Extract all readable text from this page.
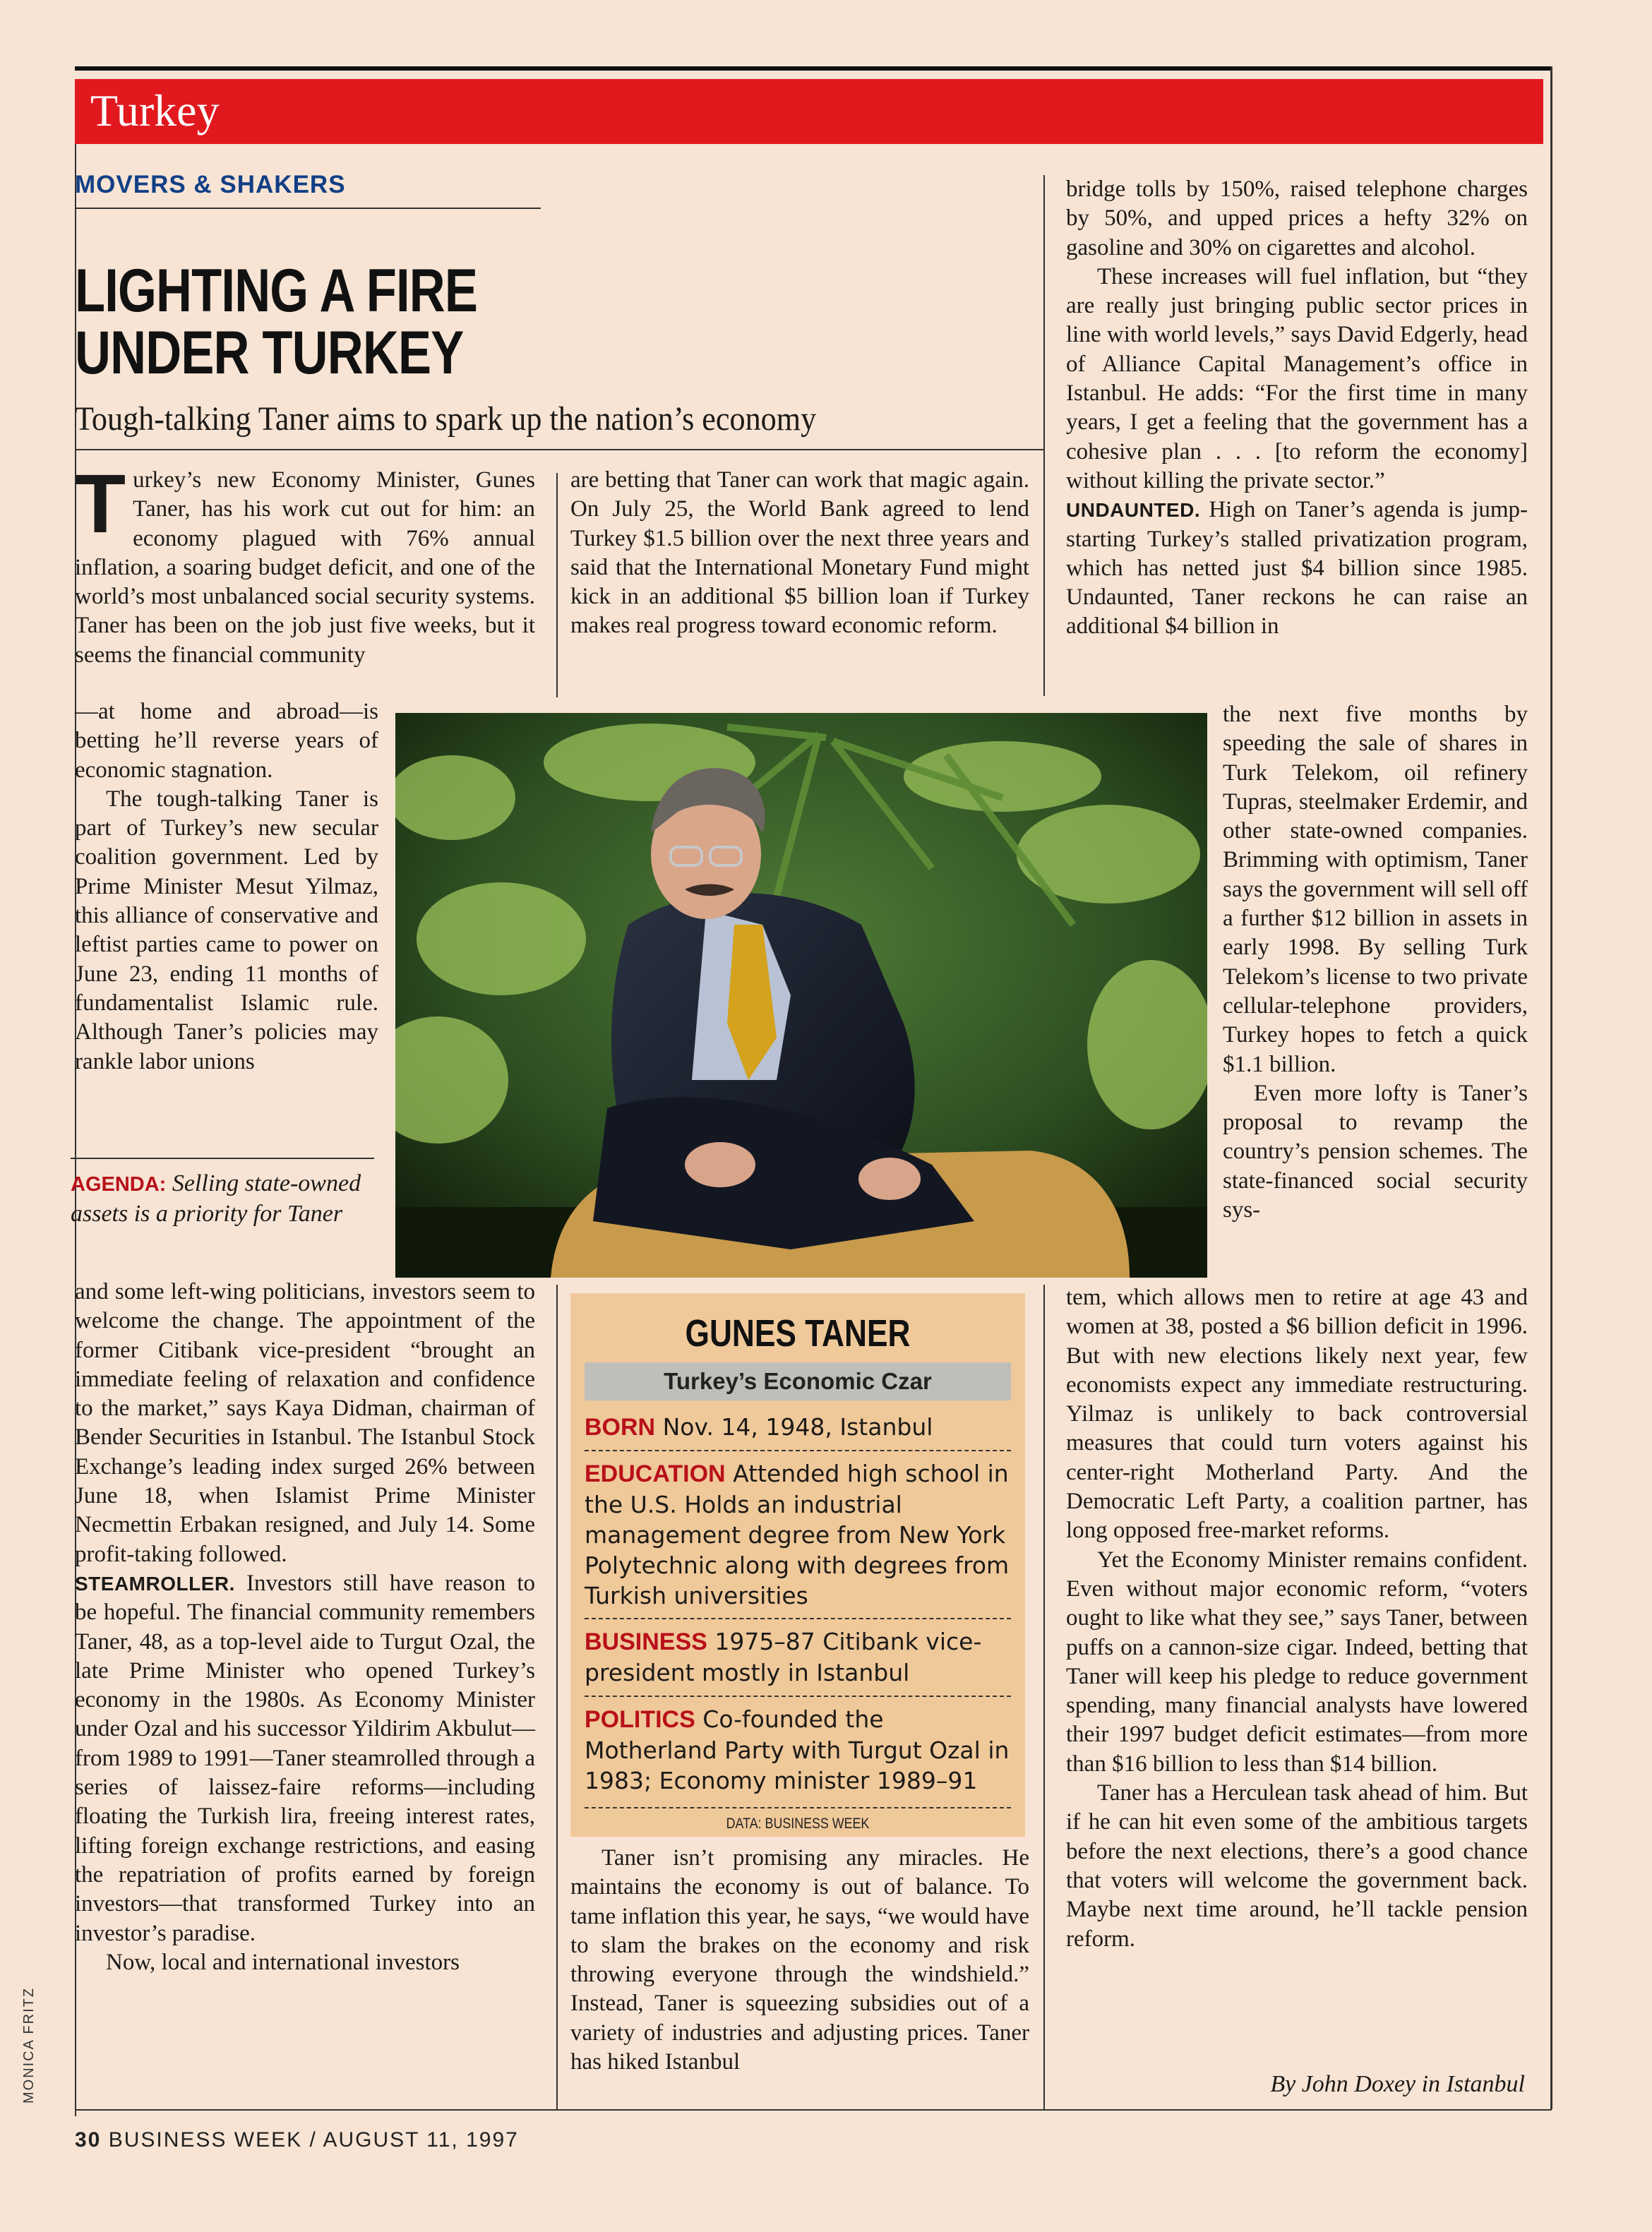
Turkey
MOVERS & SHAKERS
LIGHTING A FIRE
UNDER TURKEY
Tough-talking Taner aims to spark up the nation’s economy

Turkey’s new Economy Minister, Gunes Taner, has his work cut out for him: an economy plagued with 76% annual inflation, a soaring budget deficit, and one of the world’s most unbalanced social security systems. Taner has been on the job just five weeks, but it seems the financial community

—at home and abroad—is betting he’ll reverse years of economic stagnation.

The tough-talking Taner is part of Turkey’s new secular coalition government. Led by Prime Minister Mesut Yilmaz, this alliance of conservative and leftist parties came to power on June 23, ending 11 months of fundamentalist Islamic rule. Although Taner’s policies may rankle labor unions

AGENDA: Selling state-owned assets is a priority for Taner

are betting that Taner can work that magic again. On July 25, the World Bank agreed to lend Turkey $1.5 billion over the next three years and said that the International Monetary Fund might kick in an additional $5 billion loan if Turkey makes real progress toward economic reform.

bridge tolls by 150%, raised telephone charges by 50%, and upped prices a hefty 32% on gasoline and 30% on cigarettes and alcohol.

These increases will fuel inflation, but “they are really just bringing public sector prices in line with world levels,” says David Edgerly, head of Alliance Capital Management’s office in Istanbul. He adds: “For the first time in many years, I get a feeling that the government has a cohesive plan . . . [to reform the economy] without killing the private sector.”

UNDAUNTED. High on Taner’s agenda is jump-starting Turkey’s stalled privatization program, which has netted just $4 billion since 1985. Undaunted, Taner reckons he can raise an additional $4 billion in

the next five months by speeding the sale of shares in Turk Telekom, oil refinery Tupras, steelmaker Erdemir, and other state-owned companies. Brimming with optimism, Taner says the government will sell off a further $12 billion in assets in early 1998. By selling Turk Telekom’s license to two private cellular-telephone providers, Turkey hopes to fetch a quick $1.1 billion.

Even more lofty is Taner’s proposal to revamp the country’s pension schemes. The state-financed social security sys-

and some left-wing politicians, investors seem to welcome the change. The appointment of the former Citibank vice-president “brought an immediate feeling of relaxation and confidence to the market,” says Kaya Didman, chairman of Bender Securities in Istanbul. The Istanbul Stock Exchange’s leading index surged 26% between June 18, when Islamist Prime Minister Necmettin Erbakan resigned, and July 14. Some profit-taking followed.

STEAMROLLER. Investors still have reason to be hopeful. The financial community remembers Taner, 48, as a top-level aide to Turgut Ozal, the late Prime Minister who opened Turkey’s economy in the 1980s. As Economy Minister under Ozal and his successor Yildirim Akbulut—from 1989 to 1991—Taner steamrolled through a series of laissez-faire reforms—including floating the Turkish lira, freeing interest rates, lifting foreign exchange restrictions, and easing the repatriation of profits earned by foreign investors—that transformed Turkey into an investor’s paradise.

Now, local and international investors

GUNES TANER
Turkey’s Economic Czar
BORN Nov. 14, 1948, Istanbul
EDUCATION Attended high school in the U.S. Holds an industrial management degree from New York Polytechnic along with degrees from Turkish universities
BUSINESS 1975–87 Citibank vice-president mostly in Istanbul
POLITICS Co-founded the Motherland Party with Turgut Ozal in 1983; Economy minister 1989–91
DATA: BUSINESS WEEK

Taner isn’t promising any miracles. He maintains the economy is out of balance. To tame inflation this year, he says, “we would have to slam the brakes on the economy and risk throwing everyone through the windshield.” Instead, Taner is squeezing subsidies out of a variety of industries and adjusting prices. Taner has hiked Istanbul

tem, which allows men to retire at age 43 and women at 38, posted a $6 billion deficit in 1996. But with new elections likely next year, few economists expect any immediate restructuring. Yilmaz is unlikely to back controversial measures that could turn voters against his center-right Motherland Party. And the Democratic Left Party, a coalition partner, has long opposed free-market reforms.

Yet the Economy Minister remains confident. Even without major economic reform, “voters ought to like what they see,” says Taner, between puffs on a cannon-size cigar. Indeed, betting that Taner will keep his pledge to reduce government spending, many financial analysts have lowered their 1997 budget deficit estimates—from more than $16 billion to less than $14 billion.

Taner has a Herculean task ahead of him. But if he can hit even some of the ambitious targets before the next elections, there’s a good chance that voters will welcome the government back. Maybe next time around, he’ll tackle pension reform.

By John Doxey in Istanbul
30 BUSINESS WEEK / AUGUST 11, 1997
MONICA FRITZ
